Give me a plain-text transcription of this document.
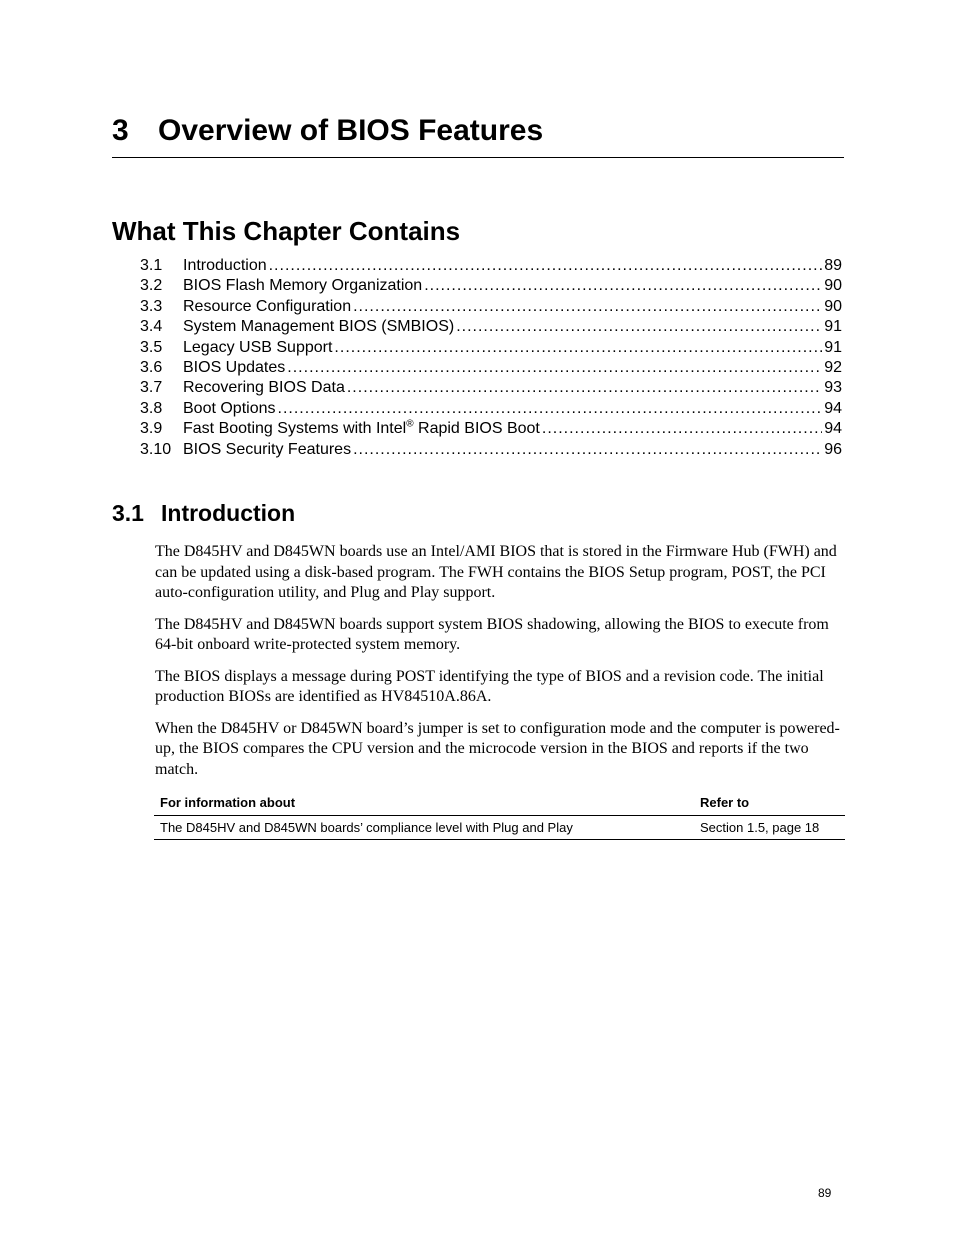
3 Overview of BIOS Features
What This Chapter Contains
3.1	Introduction .....	89
3.2	BIOS Flash Memory Organization .....	90
3.3	Resource Configuration .....	90
3.4	System Management BIOS (SMBIOS) .....	91
3.5	Legacy USB Support .....	91
3.6	BIOS Updates .....	92
3.7	Recovering BIOS Data .....	93
3.8	Boot Options .....	94
3.9	Fast Booting Systems with Intel® Rapid BIOS Boot .....	94
3.10 BIOS Security Features .....	96
3.1 Introduction

The D845HV and D845WN boards use an Intel/AMI BIOS that is stored in the Firmware Hub (FWH) and can be updated using a disk-based program. The FWH contains the BIOS Setup program, POST, the PCI auto-configuration utility, and Plug and Play support.

The D845HV and D845WN boards support system BIOS shadowing, allowing the BIOS to execute from 64-bit onboard write-protected system memory.

The BIOS displays a message during POST identifying the type of BIOS and a revision code. The initial production BIOSs are identified as HV84510A.86A.

When the D845HV or D845WN board’s jumper is set to configuration mode and the computer is powered-up, the BIOS compares the CPU version and the microcode version in the BIOS and reports if the two match.

For information about	Refer to
The D845HV and D845WN boards’ compliance level with Plug and Play	Section 1.5, page 18
89
